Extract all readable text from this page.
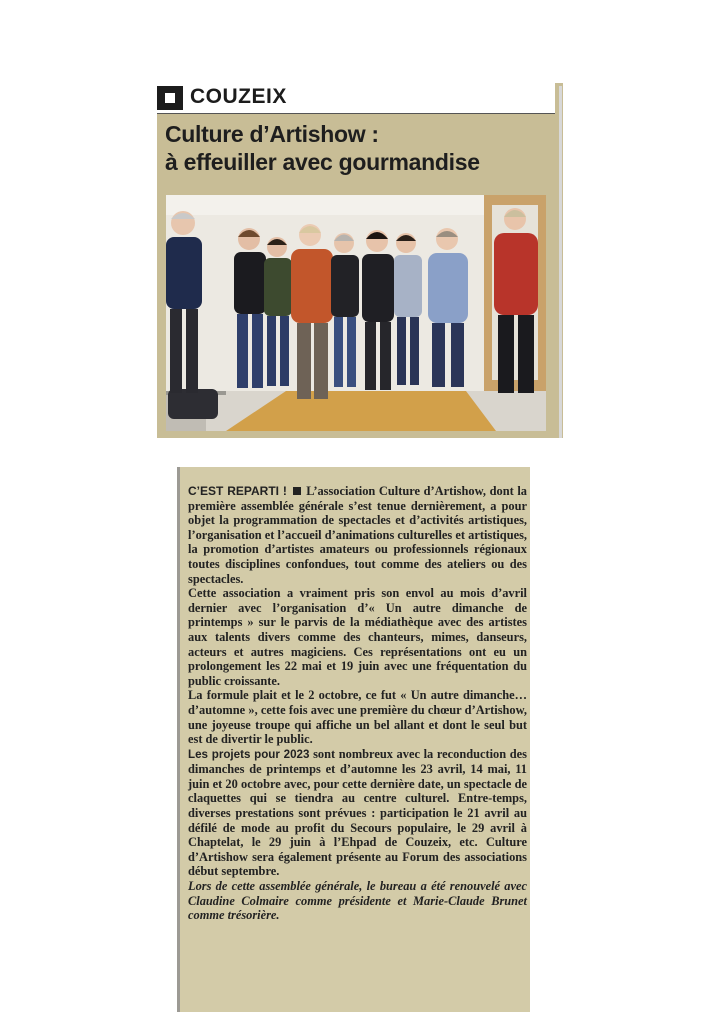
COUZEIX
Culture d’Artishow :
à effeuiller avec gourmandise

C’EST REPARTI ! L’association Culture d’Artishow, dont la première assemblée générale s’est tenue dernièrement, a pour objet la programmation de spectacles et d’activités artistiques, l’organisation et l’accueil d’animations culturelles et artistiques, la promotion d’artistes amateurs ou professionnels régionaux toutes disciplines confondues, tout comme des ateliers ou des spectacles.

Cette association a vraiment pris son envol au mois d’avril dernier avec l’organisation d’« Un autre dimanche de printemps » sur le parvis de la médiathèque avec des artistes aux talents divers comme des chanteurs, mimes, danseurs, acteurs et autres magiciens. Ces représentations ont eu un prolongement les 22 mai et 19 juin avec une fréquentation du public croissante.

La formule plait et le 2 octobre, ce fut « Un autre dimanche… d’automne », cette fois avec une première du chœur d’Artishow, une joyeuse troupe qui affiche un bel allant et dont le seul but est de divertir le public.

Les projets pour 2023 sont nombreux avec la reconduction des dimanches de printemps et d’automne les 23 avril, 14 mai, 11 juin et 20 octobre avec, pour cette dernière date, un spectacle de claquettes qui se tiendra au centre culturel. Entre-temps, diverses prestations sont prévues : participation le 21 avril au défilé de mode au profit du Secours populaire, le 29 avril à Chaptelat, le 29 juin à l’Ehpad de Couzeix, etc. Culture d’Artishow sera également présente au Forum des associations début septembre.

Lors de cette assemblée générale, le bureau a été renouvelé avec Claudine Colmaire comme présidente et Marie-Claude Brunet comme trésorière.
